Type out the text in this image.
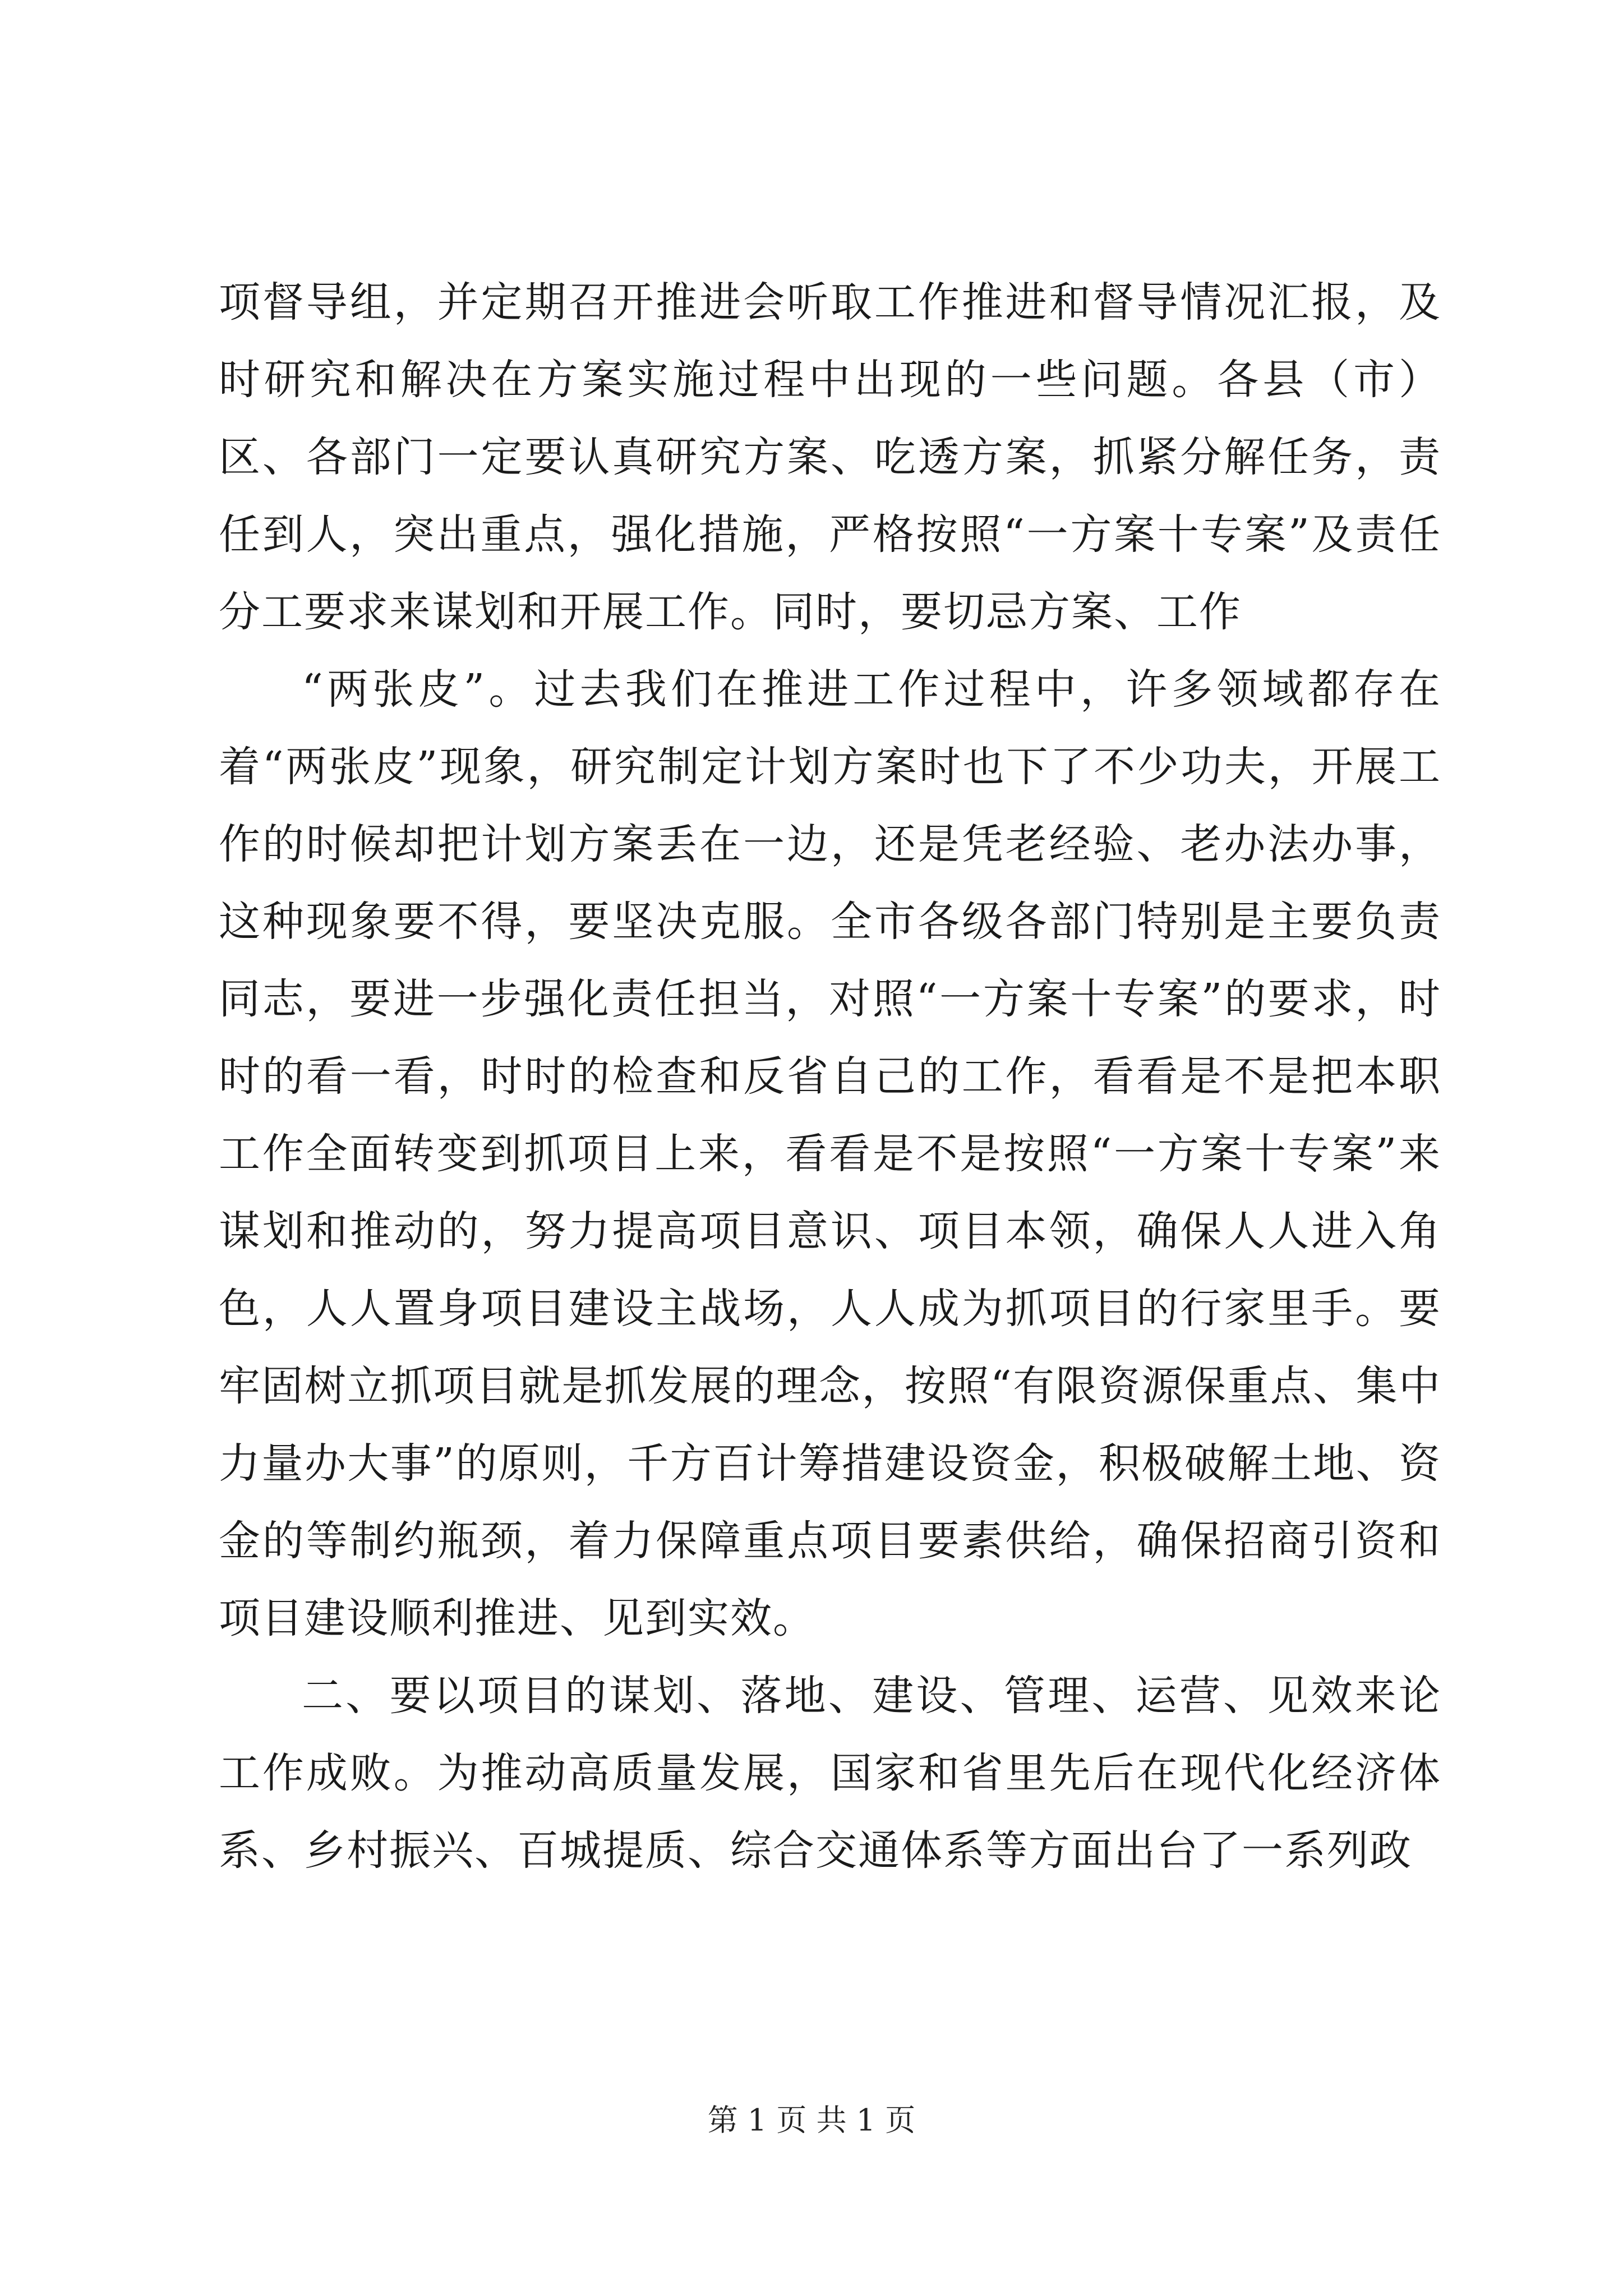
项督导组，并定期召开推进会听取工作推进和督导情况汇报，及时研究和解决在方案实施过程中出现的一些问题。各县（市）区、各部门一定要认真研究方案、吃透方案，抓紧分解任务，责任到人，突出重点，强化措施，严格按照“一方案十专案”及责任分工要求来谋划和开展工作。同时，要切忌方案、工作

“两张皮”。过去我们在推进工作过程中，许多领域都存在着“两张皮”现象，研究制定计划方案时也下了不少功夫，开展工作的时候却把计划方案丢在一边，还是凭老经验、老办法办事，这种现象要不得，要坚决克服。全市各级各部门特别是主要负责同志，要进一步强化责任担当，对照“一方案十专案”的要求，时时的看一看，时时的检查和反省自己的工作，看看是不是把本职工作全面转变到抓项目上来，看看是不是按照“一方案十专案”来谋划和推动的，努力提高项目意识、项目本领，确保人人进入角色，人人置身项目建设主战场，人人成为抓项目的行家里手。要牢固树立抓项目就是抓发展的理念，按照“有限资源保重点、集中力量办大事”的原则，千方百计筹措建设资金，积极破解土地、资金的等制约瓶颈，着力保障重点项目要素供给，确保招商引资和项目建设顺利推进、见到实效。

二、要以项目的谋划、落地、建设、管理、运营、见效来论工作成败。为推动高质量发展，国家和省里先后在现代化经济体系、乡村振兴、百城提质、综合交通体系等方面出台了一系列政

第 1 页 共 1 页
